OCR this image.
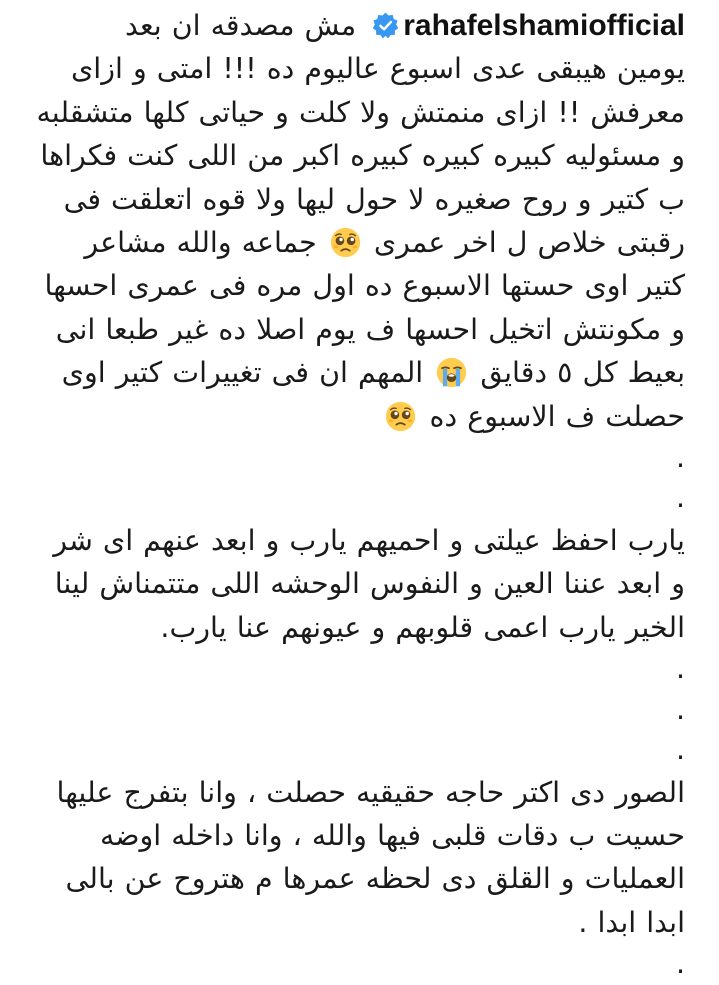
rahafelshamiofficial مش مصدقه ان بعد
يومين هيبقى عدى اسبوع عاليوم ده !!! امتى و ازاى
معرفش !! ازاى منمتش ولا كلت و حياتى كلها متشقلبه
و مسئوليه كبيره كبيره كبيره اكبر من اللى كنت فكراها
ب كتير و روح صغيره لا حول ليها ولا قوه اتعلقت فى
رقبتى خلاص ل اخر عمرى  جماعه والله مشاعر
كتير اوى حستها الاسبوع ده اول مره فى عمرى احسها
و مكونتش اتخيل احسها ف يوم اصلا ده غير طبعا انى
بعيط كل ٥ دقايق  المهم ان فى تغييرات كتير اوى
حصلت ف الاسبوع ده
.
.
يارب احفظ عيلتى و احميهم يارب و ابعد عنهم اى شر
و ابعد عننا العين و النفوس الوحشه اللى متتمناش لينا
الخير يارب اعمى قلوبهم و عيونهم عنا يارب.
.
.
.
الصور دى اكتر حاجه حقيقيه حصلت ، وانا بتفرج عليها
حسيت ب دقات قلبى فيها والله ، وانا داخله اوضه
العمليات و القلق دى لحظه عمرها م هتروح عن بالى
ابدا ابدا .
.
